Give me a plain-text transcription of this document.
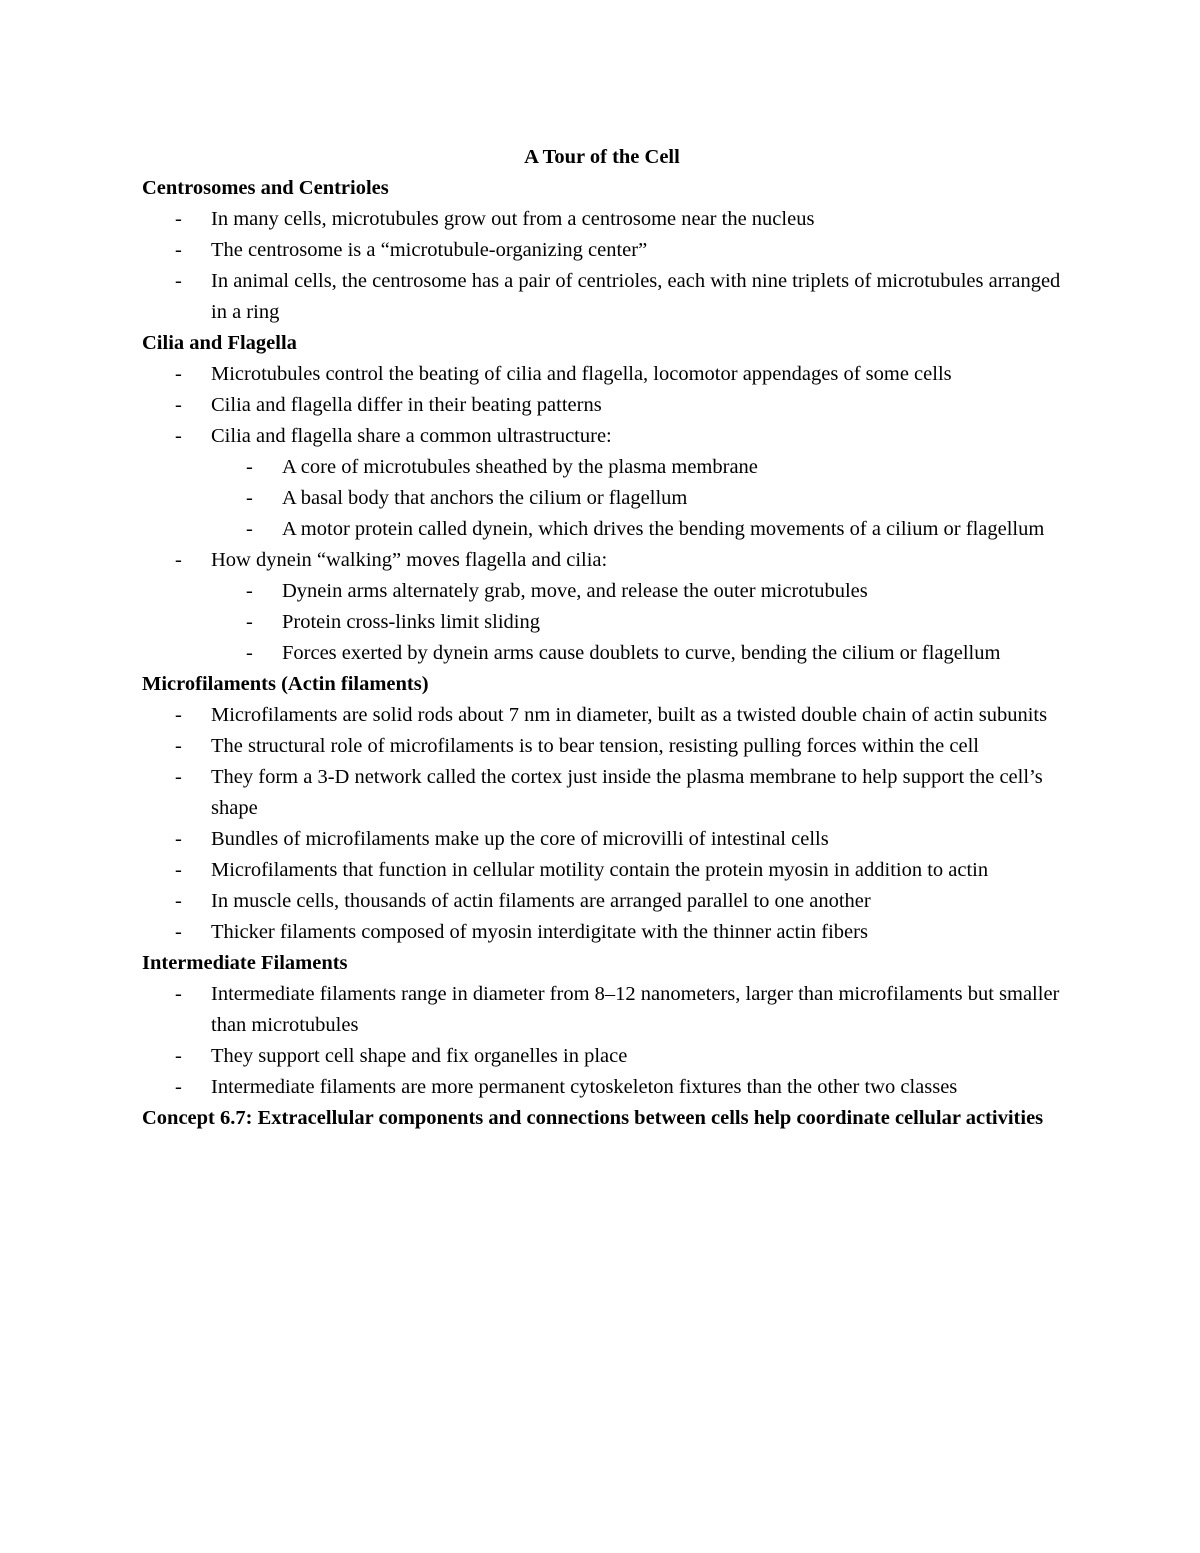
A Tour of the Cell
Centrosomes and Centrioles
-
In many cells, microtubules grow out from a centrosome near the nucleus
-
The centrosome is a “microtubule-organizing center”
-
In animal cells, the centrosome has a pair of centrioles, each with nine triplets of microtubules arranged in a ring
Cilia and Flagella
-
Microtubules control the beating of cilia and flagella, locomotor appendages of some cells
-
Cilia and flagella differ in their beating patterns
-
Cilia and flagella share a common ultrastructure:
-
A core of microtubules sheathed by the plasma membrane
-
A basal body that anchors the cilium or flagellum
-
A motor protein called dynein, which drives the bending movements of a cilium or flagellum
-
How dynein “walking” moves flagella and cilia:
-
Dynein arms alternately grab, move, and release the outer microtubules
-
Protein cross-links limit sliding
-
Forces exerted by dynein arms cause doublets to curve, bending the cilium or flagellum
Microfilaments (Actin filaments)
-
Microfilaments are solid rods about 7 nm in diameter, built as a twisted double chain of actin subunits
-
The structural role of microfilaments is to bear tension, resisting pulling forces within the cell
-
They form a 3-D network called the cortex just inside the plasma membrane to help support the cell’s shape
-
Bundles of microfilaments make up the core of microvilli of intestinal cells
-
Microfilaments that function in cellular motility contain the protein myosin in addition to actin
-
In muscle cells, thousands of actin filaments are arranged parallel to one another
-
Thicker filaments composed of myosin interdigitate with the thinner actin fibers
Intermediate Filaments
-
Intermediate filaments range in diameter from 8–12 nanometers, larger than microfilaments but smaller than microtubules
-
They support cell shape and fix organelles in place
-
Intermediate filaments are more permanent cytoskeleton fixtures than the other two classes
Concept 6.7: Extracellular components and connections between cells help coordinate cellular activities
